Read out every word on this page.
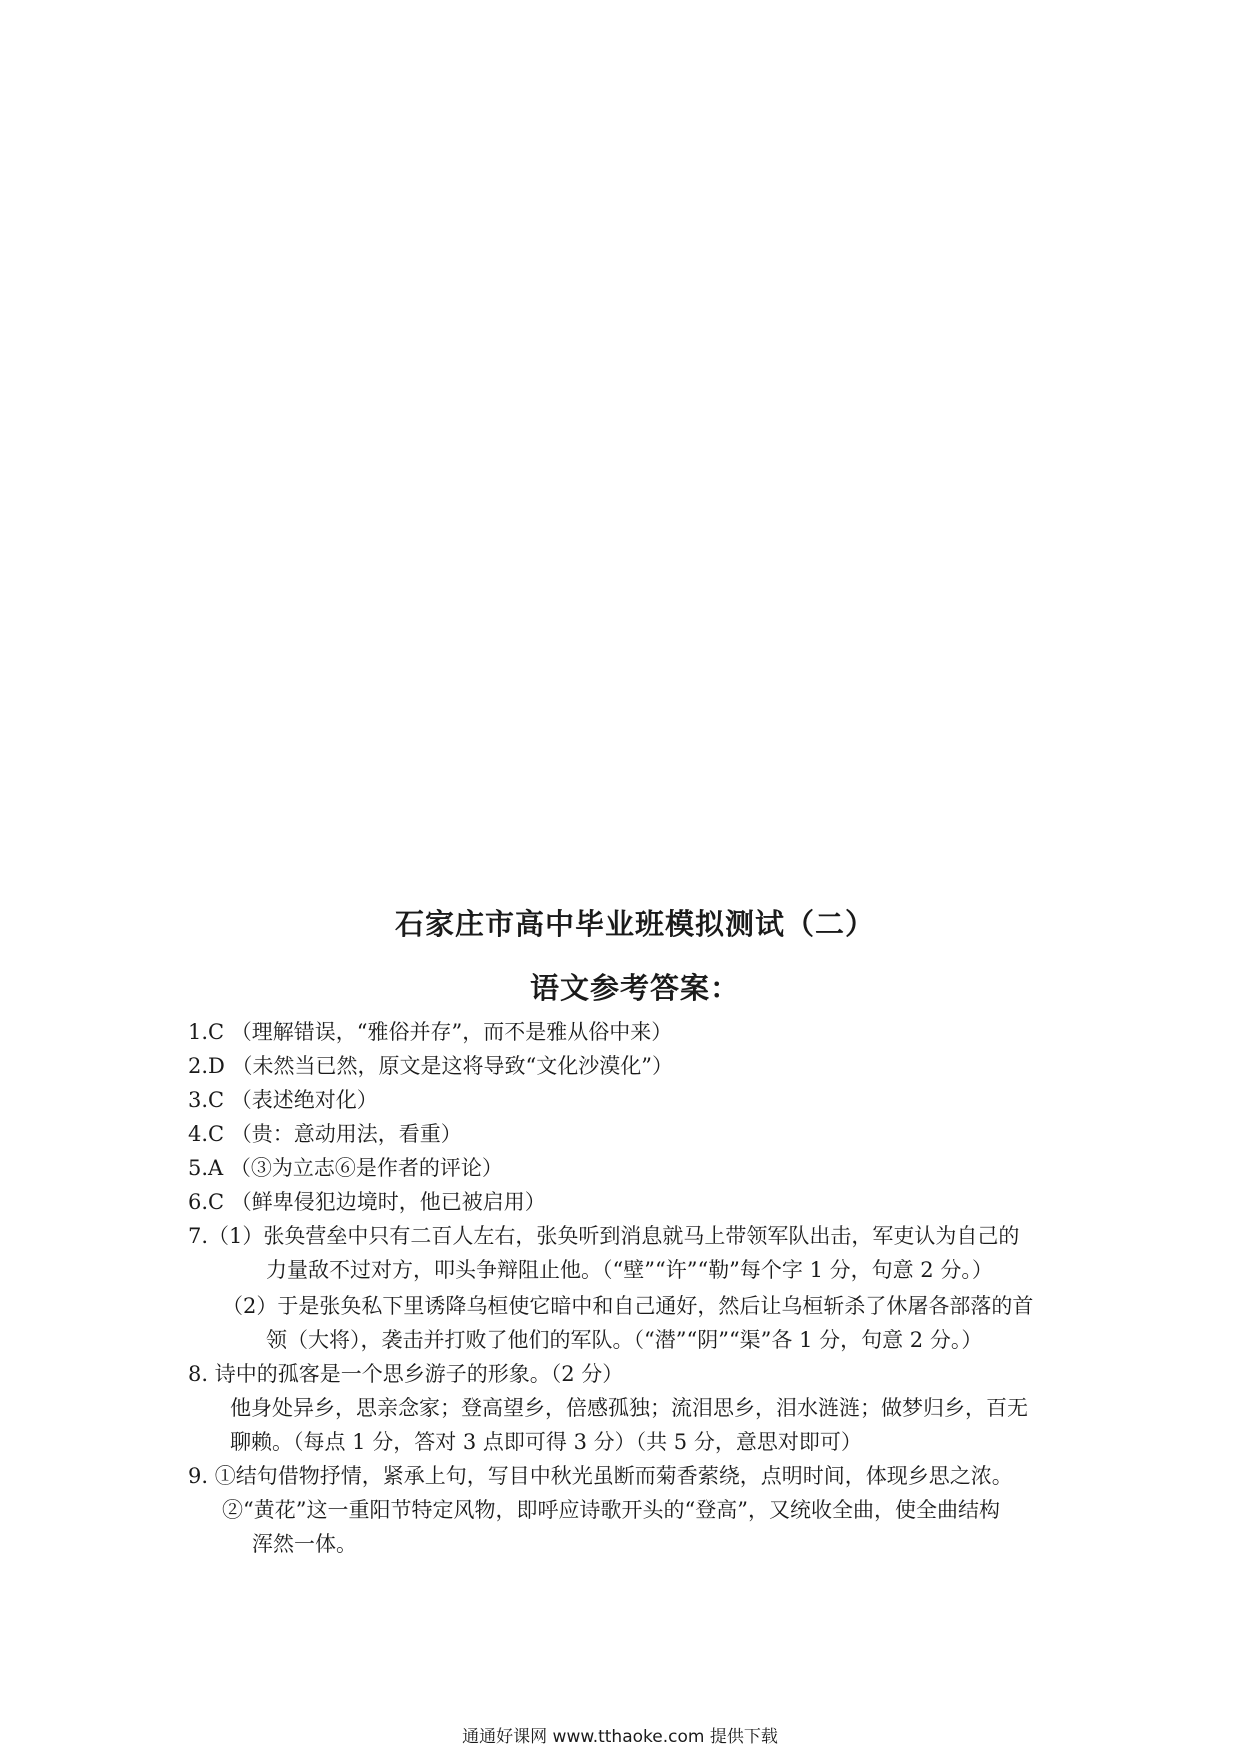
石家庄市高中毕业班模拟测试（二）
语文参考答案：
1.C （理解错误，“雅俗并存”，而不是雅从俗中来）
2.D （未然当已然，原文是这将导致“文化沙漠化”）
3.C （表述绝对化）
4.C （贵：意动用法，看重）
5.A （③为立志⑥是作者的评论）
6.C （鲜卑侵犯边境时，他已被启用）
7.（1）张奂营垒中只有二百人左右，张奂听到消息就马上带领军队出击，军吏认为自己的
力量敌不过对方，叩头争辩阻止他。（“壁”“许”“勒”每个字 1 分，句意 2 分。）
（2）于是张奂私下里诱降乌桓使它暗中和自己通好，然后让乌桓斩杀了休屠各部落的首
领（大将），袭击并打败了他们的军队。（“潜”“阴”“渠”各 1 分，句意 2 分。）
8. 诗中的孤客是一个思乡游子的形象。（2 分）
他身处异乡，思亲念家；登高望乡，倍感孤独；流泪思乡，泪水涟涟；做梦归乡，百无
聊赖。（每点 1 分，答对 3 点即可得 3 分）（共 5 分，意思对即可）
9. ①结句借物抒情，紧承上句，写目中秋光虽断而菊香萦绕，点明时间，体现乡思之浓。
②“黄花”这一重阳节特定风物，即呼应诗歌开头的“登高”，又统收全曲，使全曲结构
浑然一体。
通通好课网 www.tthaoke.com 提供下载
